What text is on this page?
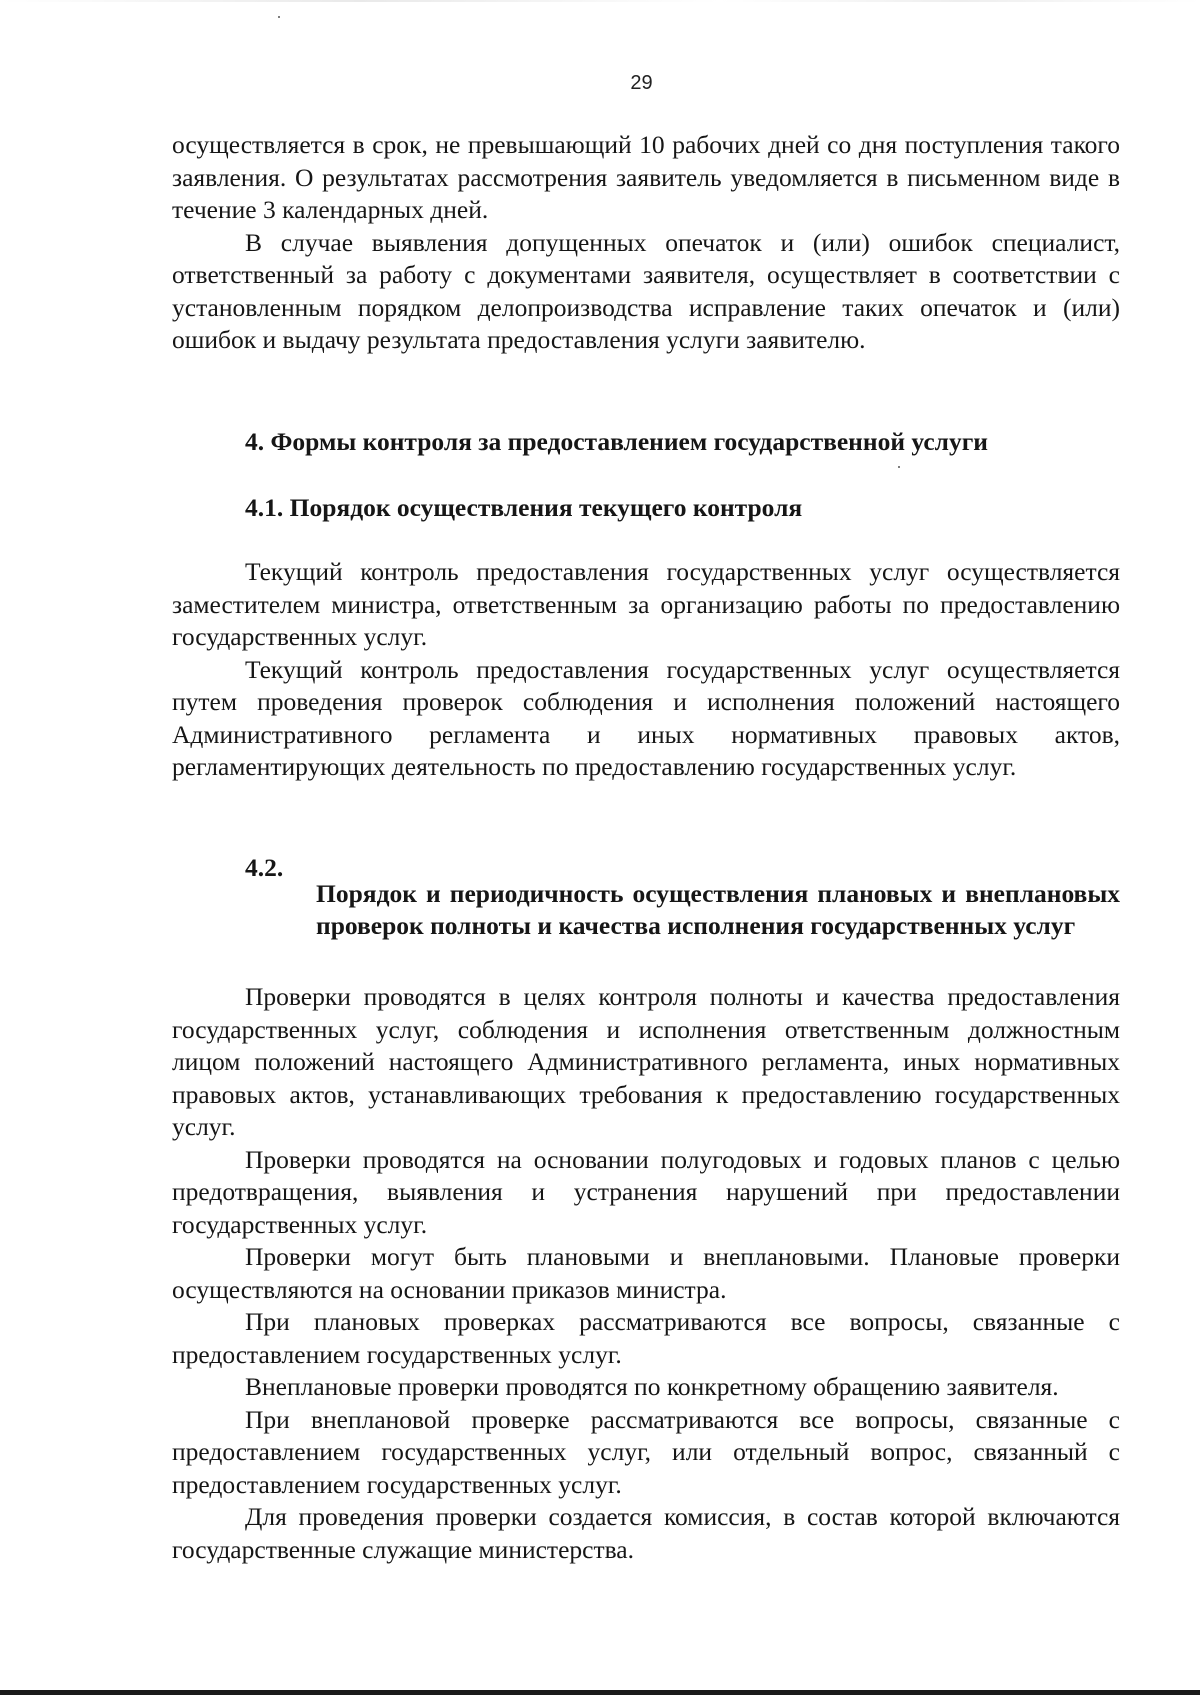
29

осуществляется в срок, не превышающий 10 рабочих дней со дня поступления такого заявления. О результатах рассмотрения заявитель уведомляется в письменном виде в течение 3 календарных дней.

В случае выявления допущенных опечаток и (или) ошибок специалист, ответственный за работу с документами заявителя, осуществляет в соответствии с установленным порядком делопроизводства исправление таких опечаток и (или) ошибок и выдачу результата предоставления услуги заявителю.

4. Формы контроля за предоставлением государственной услуги

4.1. Порядок осуществления текущего контроля

Текущий контроль предоставления государственных услуг осуществляется заместителем министра, ответственным за организацию работы по предоставлению государственных услуг.

Текущий контроль предоставления государственных услуг осуществляется путем проведения проверок соблюдения и исполнения положений настоящего Административного регламента и иных нормативных правовых актов, регламентирующих деятельность по предоставлению государственных услуг.

4.2.

Порядок и периодичность осуществления плановых и внеплановых проверок полноты и качества исполнения государственных услуг

Проверки проводятся в целях контроля полноты и качества предоставления государственных услуг, соблюдения и исполнения ответственным должностным лицом положений настоящего Административного регламента, иных нормативных правовых актов, устанавливающих требования к предоставлению государственных услуг.

Проверки проводятся на основании полугодовых и годовых планов с целью предотвращения, выявления и устранения нарушений при предоставлении государственных услуг.

Проверки могут быть плановыми и внеплановыми. Плановые проверки осуществляются на основании приказов министра.

При плановых проверках рассматриваются все вопросы, связанные с предоставлением государственных услуг.

Внеплановые проверки проводятся по конкретному обращению заявителя.

При внеплановой проверке рассматриваются все вопросы, связанные с предоставлением государственных услуг, или отдельный вопрос, связанный с предоставлением государственных услуг.

Для проведения проверки создается комиссия, в состав которой включаются государственные служащие министерства.
